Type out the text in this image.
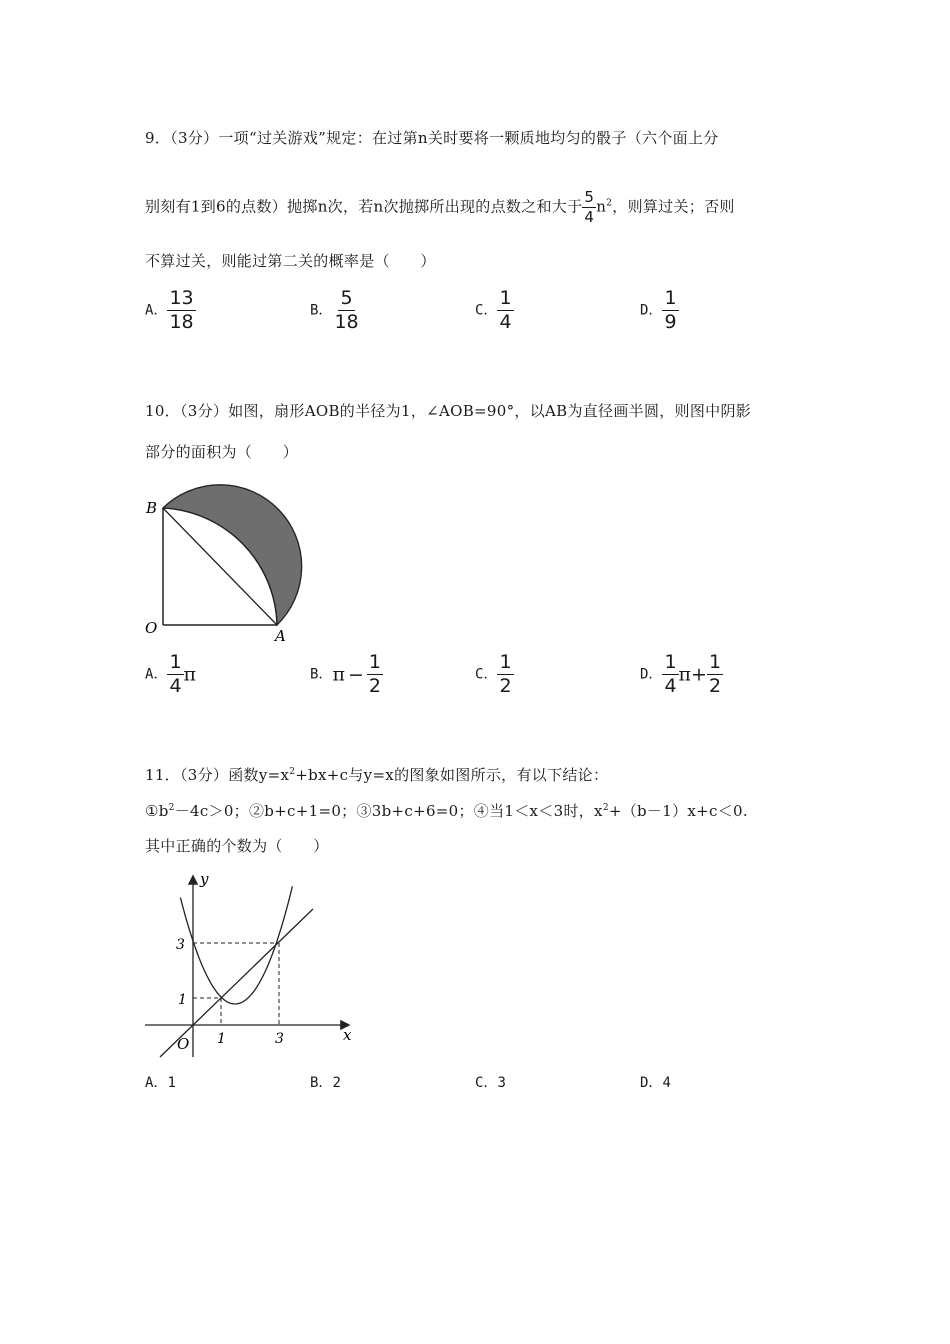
9．（3分）一项“过关游戏”规定：在过第n关时要将一颗质地均匀的骰子（六个面上分
别刻有1到6的点数）抛掷n次，若n次抛掷所出现的点数之和大于 $\frac{5}{4} n^2$，则算过关；否则
不算过关，则能过第二关的概率是（　　）
A． $\frac{13}{18}$	B． $\frac{5}{18}$	C． $\frac{1}{4}$	D． $\frac{1}{9}$
10．（3分）如图，扇形AOB的半径为1，∠AOB=90°，以AB为直径画半圆，则图中阴影
部分的面积为（　　）
B
O	A
A． $\frac{1}{4}$ π	B．$\pi - \frac{1}{2}$	C． $\frac{1}{2}$	D． $\frac{1}{4} \pi+ \frac{1}{2}$
11．（3分）函数$y=x^2+bx+c$与y=x的图象如图所示，有以下结论：
$①b^2-4c>0$；②b+c+1=0；③3b+c+6=0；④当1＜x＜3时，$x^2+(b-1)x+c<0$.
其中正确的个数为（　　）
y
x
O
3
1
1	3
A．1	B．2	C．3	D．4
